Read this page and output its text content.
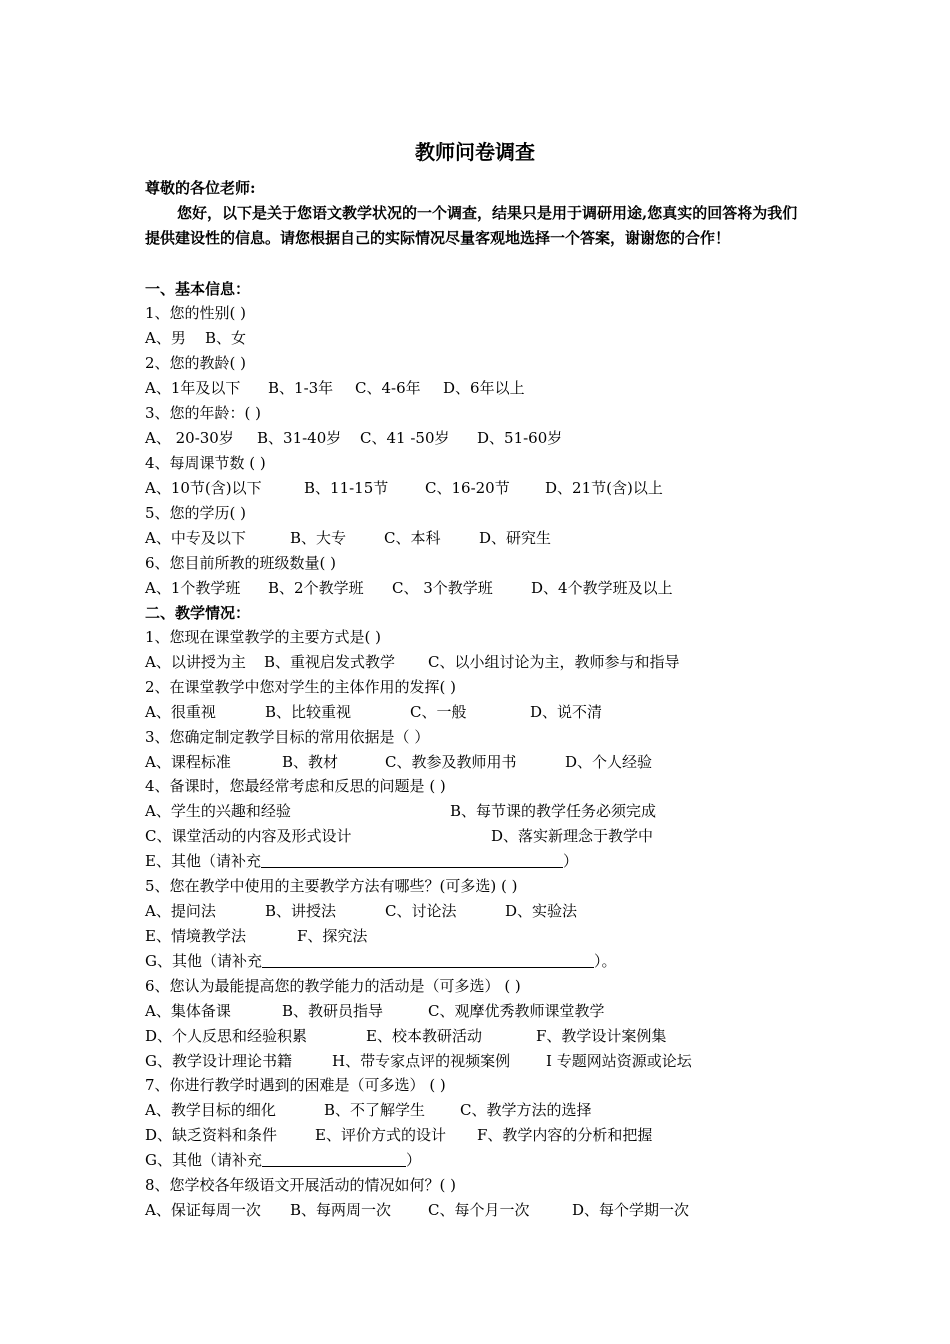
教师问卷调查
尊敬的各位老师:
您好，以下是关于您语文教学状况的一个调查，结果只是用于调研用途,您真实的回答将为我们提供建设性的信息。请您根据自己的实际情况尽量客观地选择一个答案，谢谢您的合作！
一、基本信息：
1、您的性别( )
A、男 B、女
2、您的教龄( )
A、1年及以下 B、1-3年 C、4-6年 D、6年以上
3、您的年龄：( )
A、 20-30岁 B、31-40岁 C、41 -50岁 D、51-60岁
4、每周课节数 ( )
A、10节(含)以下	B、11-15节 C、16-20节 D、21节(含)以上
5、您的学历( )
A、中专及以下	B、大专	C、本科	D、研究生
6、您目前所教的班级数量( )
A、1个教学班 B、2个教学班 C、 3个教学班	D、4个教学班及以上
二、教学情况：
1、您现在课堂教学的主要方式是( )
A、以讲授为主 B、重视启发式教学 C、以小组讨论为主，教师参与和指导
2、在课堂教学中您对学生的主体作用的发挥( )
A、很重视	B、比较重视	C、一般	D、说不清
3、您确定制定教学目标的常用依据是（ ）
A、课程标准	B、教材	C、教参及教师用书	D、个人经验
4、备课时，您最经常考虑和反思的问题是 ( )
A、学生的兴趣和经验	B、每节课的教学任务必须完成
C、课堂活动的内容及形式设计	D、落实新理念于教学中
E、其他（请补充	）
5、您在教学中使用的主要教学方法有哪些？(可多选) ( )
A、提问法	B、讲授法	C、讨论法	D、实验法
E、情境教学法	F、探究法
G、其他（请补充	）。
6、您认为最能提高您的教学能力的活动是（可多选） ( )
A、集体备课	B、教研员指导	C、观摩优秀教师课堂教学
D、个人反思和经验积累	E、校本教研活动	F、教学设计案例集
G、教学设计理论书籍	H、带专家点评的视频案例 I 专题网站资源或论坛
7、你进行教学时遇到的困难是（可多选） ( )
A、教学目标的细化	B、不了解学生 C、教学方法的选择
D、缺乏资料和条件	E、评价方式的设计 F、教学内容的分析和把握
G、其他（请补充	）
8、您学校各年级语文开展活动的情况如何？( )
A、保证每周一次 B、每两周一次 C、每个月一次	D、每个学期一次
